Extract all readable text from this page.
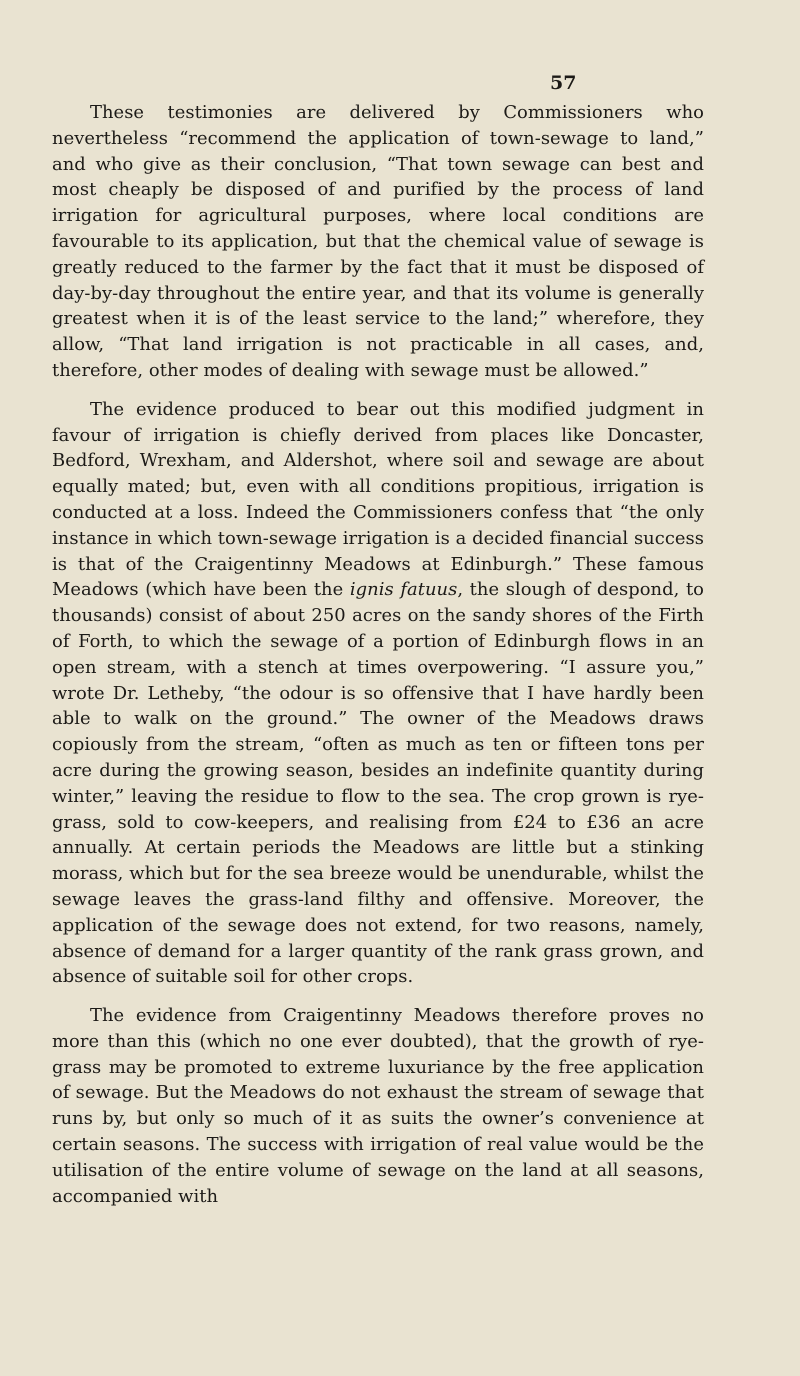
57

These testimonies are delivered by Commissioners who nevertheless “recommend the application of town-sewage to land,” and who give as their conclusion, “That town sewage can best and most cheaply be disposed of and purified by the process of land irrigation for agricultural purposes, where local conditions are favourable to its application, but that the chemical value of sewage is greatly reduced to the farmer by the fact that it must be disposed of day-by-day throughout the entire year, and that its volume is generally greatest when it is of the least service to the land;” wherefore, they allow, “That land irrigation is not practicable in all cases, and, therefore, other modes of dealing with sewage must be allowed.”

The evidence produced to bear out this modified judgment in favour of irrigation is chiefly derived from places like Doncaster, Bedford, Wrexham, and Aldershot, where soil and sewage are about equally mated; but, even with all conditions propitious, irrigation is conducted at a loss. Indeed the Commissioners confess that “the only instance in which town-sewage irrigation is a decided financial success is that of the Craigentinny Meadows at Edinburgh.” These famous Meadows (which have been the ignis fatuus, the slough of despond, to thousands) consist of about 250 acres on the sandy shores of the Firth of Forth, to which the sewage of a portion of Edinburgh flows in an open stream, with a stench at times overpowering. “I assure you,” wrote Dr. Letheby, “the odour is so offensive that I have hardly been able to walk on the ground.” The owner of the Meadows draws copiously from the stream, “often as much as ten or fifteen tons per acre during the growing season, besides an indefinite quantity during winter,” leaving the residue to flow to the sea. The crop grown is rye-grass, sold to cow-keepers, and realising from £24 to £36 an acre annually. At certain periods the Meadows are little but a stinking morass, which but for the sea breeze would be unendurable, whilst the sewage leaves the grass-land filthy and offensive. Moreover, the application of the sewage does not extend, for two reasons, namely, absence of demand for a larger quantity of the rank grass grown, and absence of suitable soil for other crops.

The evidence from Craigentinny Meadows therefore proves no more than this (which no one ever doubted), that the growth of rye-grass may be promoted to extreme luxuriance by the free application of sewage. But the Meadows do not exhaust the stream of sewage that runs by, but only so much of it as suits the owner’s convenience at certain seasons. The success with irrigation of real value would be the utilisation of the entire volume of sewage on the land at all seasons, accompanied with
